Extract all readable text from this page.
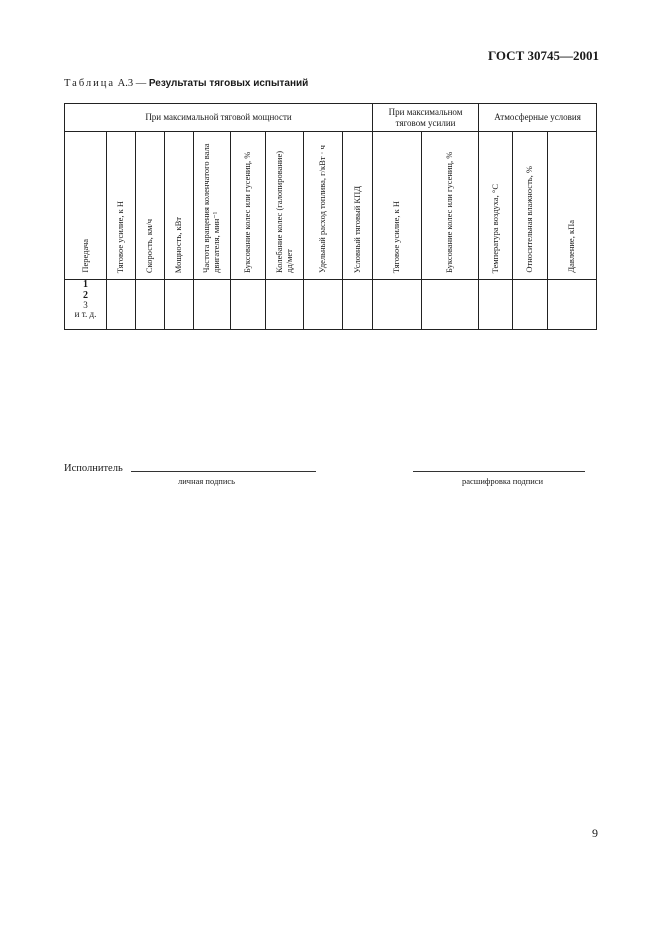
ГОСТ 30745—2001
Таблица А.3 — Результаты тяговых испытаний
При максимальной тяговой мощности									При максимальном тяговом усилии		Атмосферные условия		

Передача	Тяговое усилие, к Н	Скорость, км/ч	Мощность, кВт	Частота вращения коленчатого вала двигателя, мин⁻¹	Буксование колес или гусениц, %	Колебание колес (галопирование) дд/мет	Удельный расход топлива, г/кВт · ч	Условный тяговый КПД	Тяговое усилие, к Н	Буксование колес или гусениц, %	Температура воздуха, °С	Относительная влажность, %	Давление, кПа

1
2
3
и т. д.													

Исполнитель
личная подпись	расшифровка подписи
9
